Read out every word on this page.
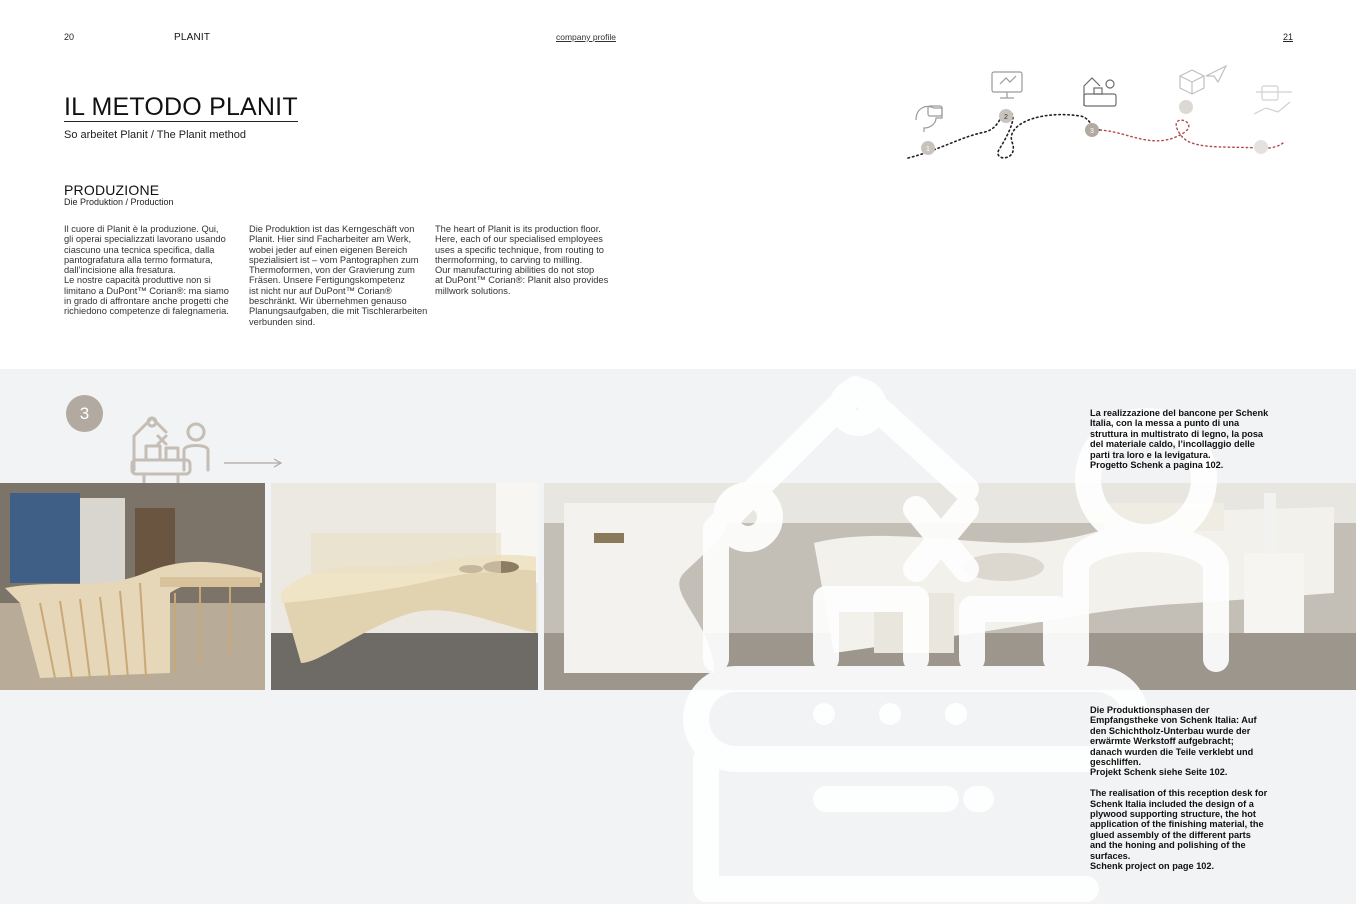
20	PLANIT	company profile	21
IL METODO PLANIT
So arbeitet Planit / The Planit method
1
2
3
PRODUZIONE
Die Produktion / Production

Il cuore di Planit è la produzione. Qui,

gli operai specializzati lavorano usando

ciascuno una tecnica specifica, dalla

pantografatura alla termo formatura,

dall’incisione alla fresatura.

Le nostre capacità produttive non si

limitano a DuPont™ Corian®: ma siamo

in grado di affrontare anche progetti che

richiedono competenze di falegnameria.

Die Produktion ist das Kerngeschäft von

Planit. Hier sind Facharbeiter am Werk,

wobei jeder auf einen eigenen Bereich

spezialisiert ist – vom Pantographen zum

Thermoformen, von der Gravierung zum

Fräsen. Unsere Fertigungskompetenz

ist nicht nur auf DuPont™ Corian®

beschränkt. Wir übernehmen genauso

Planungsaufgaben, die mit Tischlerarbeiten

verbunden sind.

The heart of Planit is its production floor.

Here, each of our specialised employees

uses a specific technique, from routing to

thermoforming, to carving to milling.

Our manufacturing abilities do not stop

at DuPont™ Corian®: Planit also provides

millwork solutions.

3	La realizzazione del bancone per Schenk

Italia, con la messa a punto di una

struttura in multistrato di legno, la posa

del materiale caldo, l’incollaggio delle

parti tra loro e la levigatura.

Progetto Schenk a pagina 102.

Die Produktionsphasen der

Empfangstheke von Schenk Italia: Auf

den Schichtholz-Unterbau wurde der

erwärmte Werkstoff aufgebracht;

danach wurden die Teile verklebt und

geschliffen.

Projekt Schenk siehe Seite 102.

The realisation of this reception desk for

Schenk Italia included the design of a

plywood supporting structure, the hot

application of the finishing material, the

glued assembly of the different parts

and the honing and polishing of the

surfaces.

Schenk project on page 102.
